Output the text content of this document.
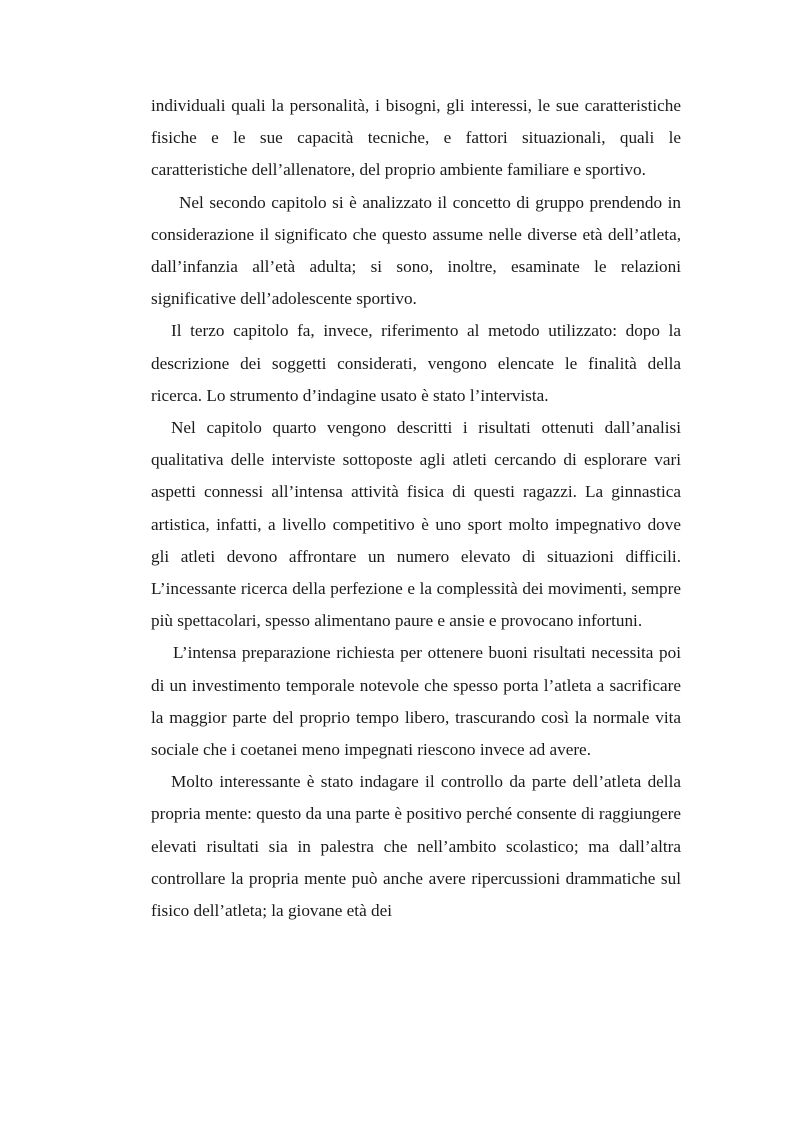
individuali quali la personalità, i bisogni, gli interessi, le sue caratteristiche fisiche e le sue capacità tecniche, e fattori situazionali, quali le caratteristiche dell’allenatore, del proprio ambiente familiare e sportivo.

Nel secondo capitolo si è analizzato il concetto di gruppo prendendo in considerazione il significato che questo assume nelle diverse età dell’atleta, dall’infanzia all’età adulta; si sono, inoltre, esaminate le relazioni significative dell’adolescente sportivo.

Il terzo capitolo fa, invece, riferimento al metodo utilizzato: dopo la descrizione dei soggetti considerati, vengono elencate le finalità della ricerca. Lo strumento d’indagine usato è stato l’intervista.

Nel capitolo quarto vengono descritti i risultati ottenuti dall’analisi qualitativa delle interviste sottoposte agli atleti cercando di esplorare vari aspetti connessi all’intensa attività fisica di questi ragazzi. La ginnastica artistica, infatti, a livello competitivo è uno sport molto impegnativo dove gli atleti devono affrontare un numero elevato di situazioni difficili. L’incessante ricerca della perfezione e la complessità dei movimenti, sempre più spettacolari, spesso alimentano paure e ansie e provocano infortuni.

L’intensa preparazione richiesta per ottenere buoni risultati necessita poi di un investimento temporale notevole che spesso porta l’atleta a sacrificare la maggior parte del proprio tempo libero, trascurando così la normale vita sociale che i coetanei meno impegnati riescono invece ad avere.

Molto interessante è stato indagare il controllo da parte dell’atleta della propria mente: questo da una parte è positivo perché consente di raggiungere elevati risultati sia in palestra che nell’ambito scolastico; ma dall’altra controllare la propria mente può anche avere ripercussioni drammatiche sul fisico dell’atleta; la giovane età dei
